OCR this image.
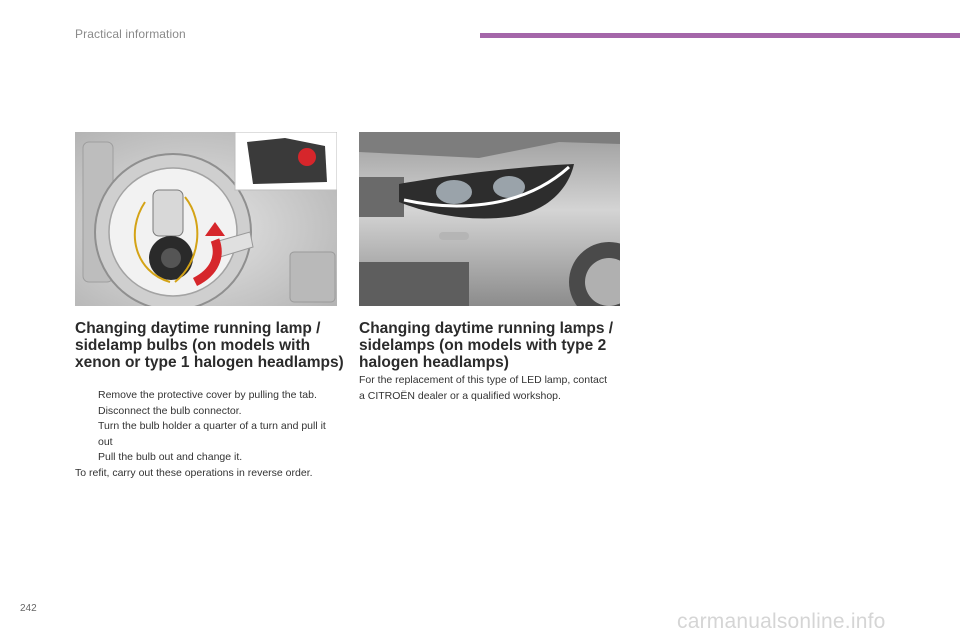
Practical information
Changing daytime running lamp / sidelamp bulbs (on models with xenon or type 1 halogen headlamps)
Remove the protective cover by pulling the tab.
Disconnect the bulb connector.
Turn the bulb holder a quarter of a turn and pull it out
Pull the bulb out and change it.

To refit, carry out these operations in reverse order.

Changing daytime running lamps / sidelamps (on models with type 2 halogen headlamps)

For the replacement of this type of LED lamp, contact a CITROËN dealer or a qualified workshop.

242
carmanualsonline.info
